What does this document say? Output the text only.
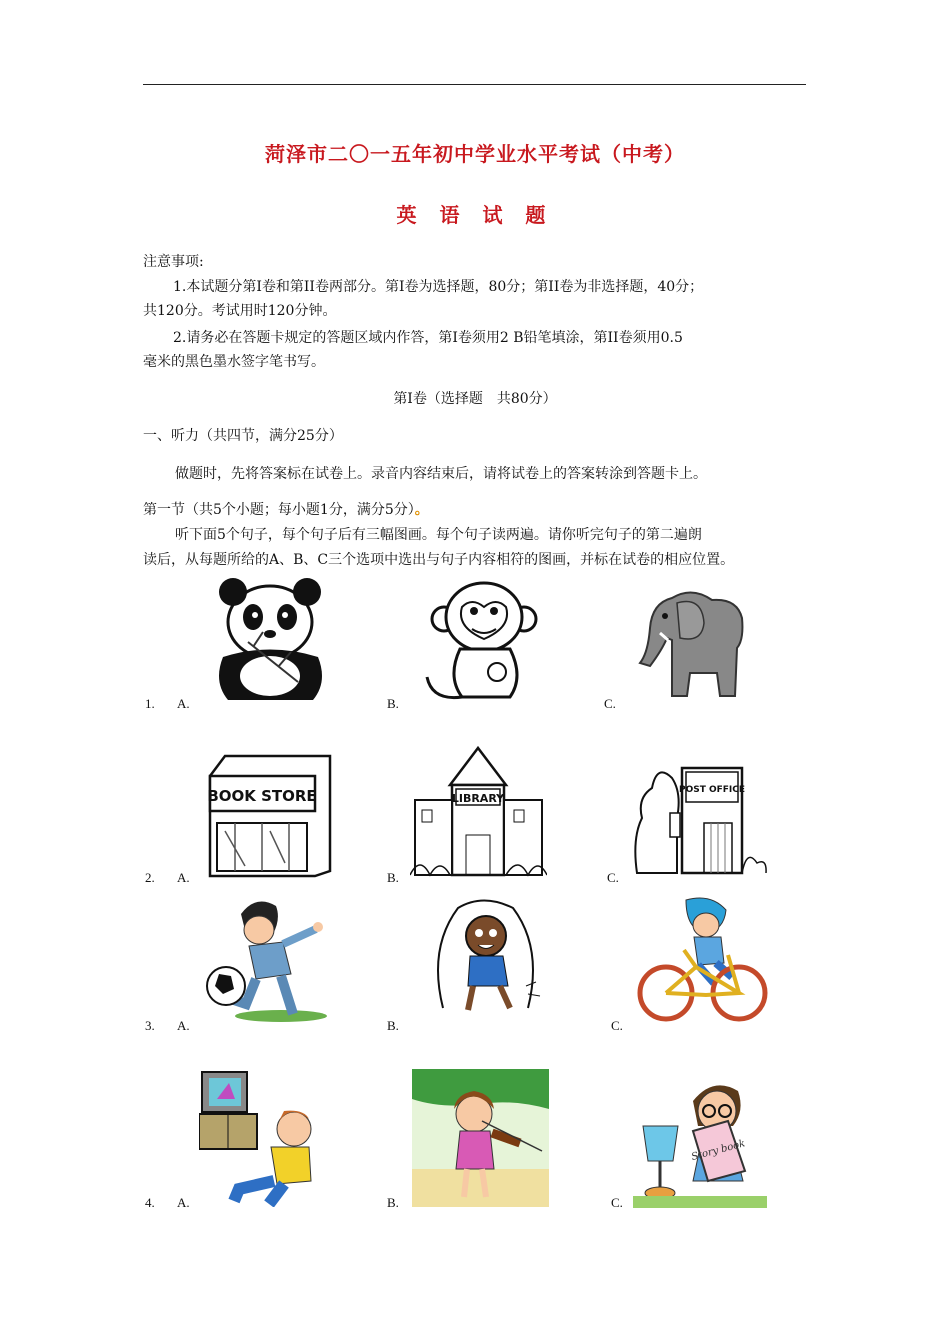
菏泽市二〇一五年初中学业水平考试（中考）
英 语 试 题
注意事项:
1.本试题分第Ⅰ卷和第II卷两部分。第Ⅰ卷为选择题，80分；第II卷为非选择题，40分；
共120分。考试用时120分钟。
2.请务必在答题卡规定的答题区域内作答，第Ⅰ卷须用2 B铅笔填涂，第II卷须用0.5
毫米的黑色墨水签字笔书写。
第Ⅰ卷（选择题　共80分）
一、听力（共四节，满分25分）
做题时，先将答案标在试卷上。录音内容结束后，请将试卷上的答案转涂到答题卡上。
第一节（共5个小题；每小题1分，满分5分）。
听下面5个句子，每个句子后有三幅图画。每个句子读两遍。请你听完句子的第二遍朗
读后，从每题所给的A、B、C三个选项中选出与句子内容相符的图画，并标在试卷的相应位置。
1. A.	B.	C.
2. A.	B.	C.
3. A.	B.	C.
4. A.	B.	C.
BOOK STORE	LIBRARY
POST OFFICE
Story book
